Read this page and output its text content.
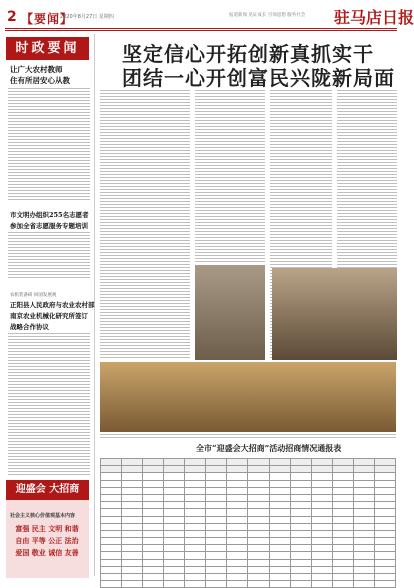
2 【要闻】
2020年8月27日 星期四	报道新闻 见证成长 引领思想 服务社会 驻马店日报
时政要闻
让广大农村教师
住有所居安心从教
市文明办组织255名志愿者
参加全省志愿服务专题培训
农机装备研 回国发展观
正阳县人民政府与农业农村部
南京农业机械化研究所签订
战略合作协议
迎盛会 大招商
社会主义核心价值观基本内容
富强 民主 文明 和谐
自由 平等 公正 法治
爱国 敬业 诚信 友善
坚定信心开拓创新真抓实干
团结一心开创富民兴陇新局面
全市“迎盛会大招商”活动招商情况通报表
